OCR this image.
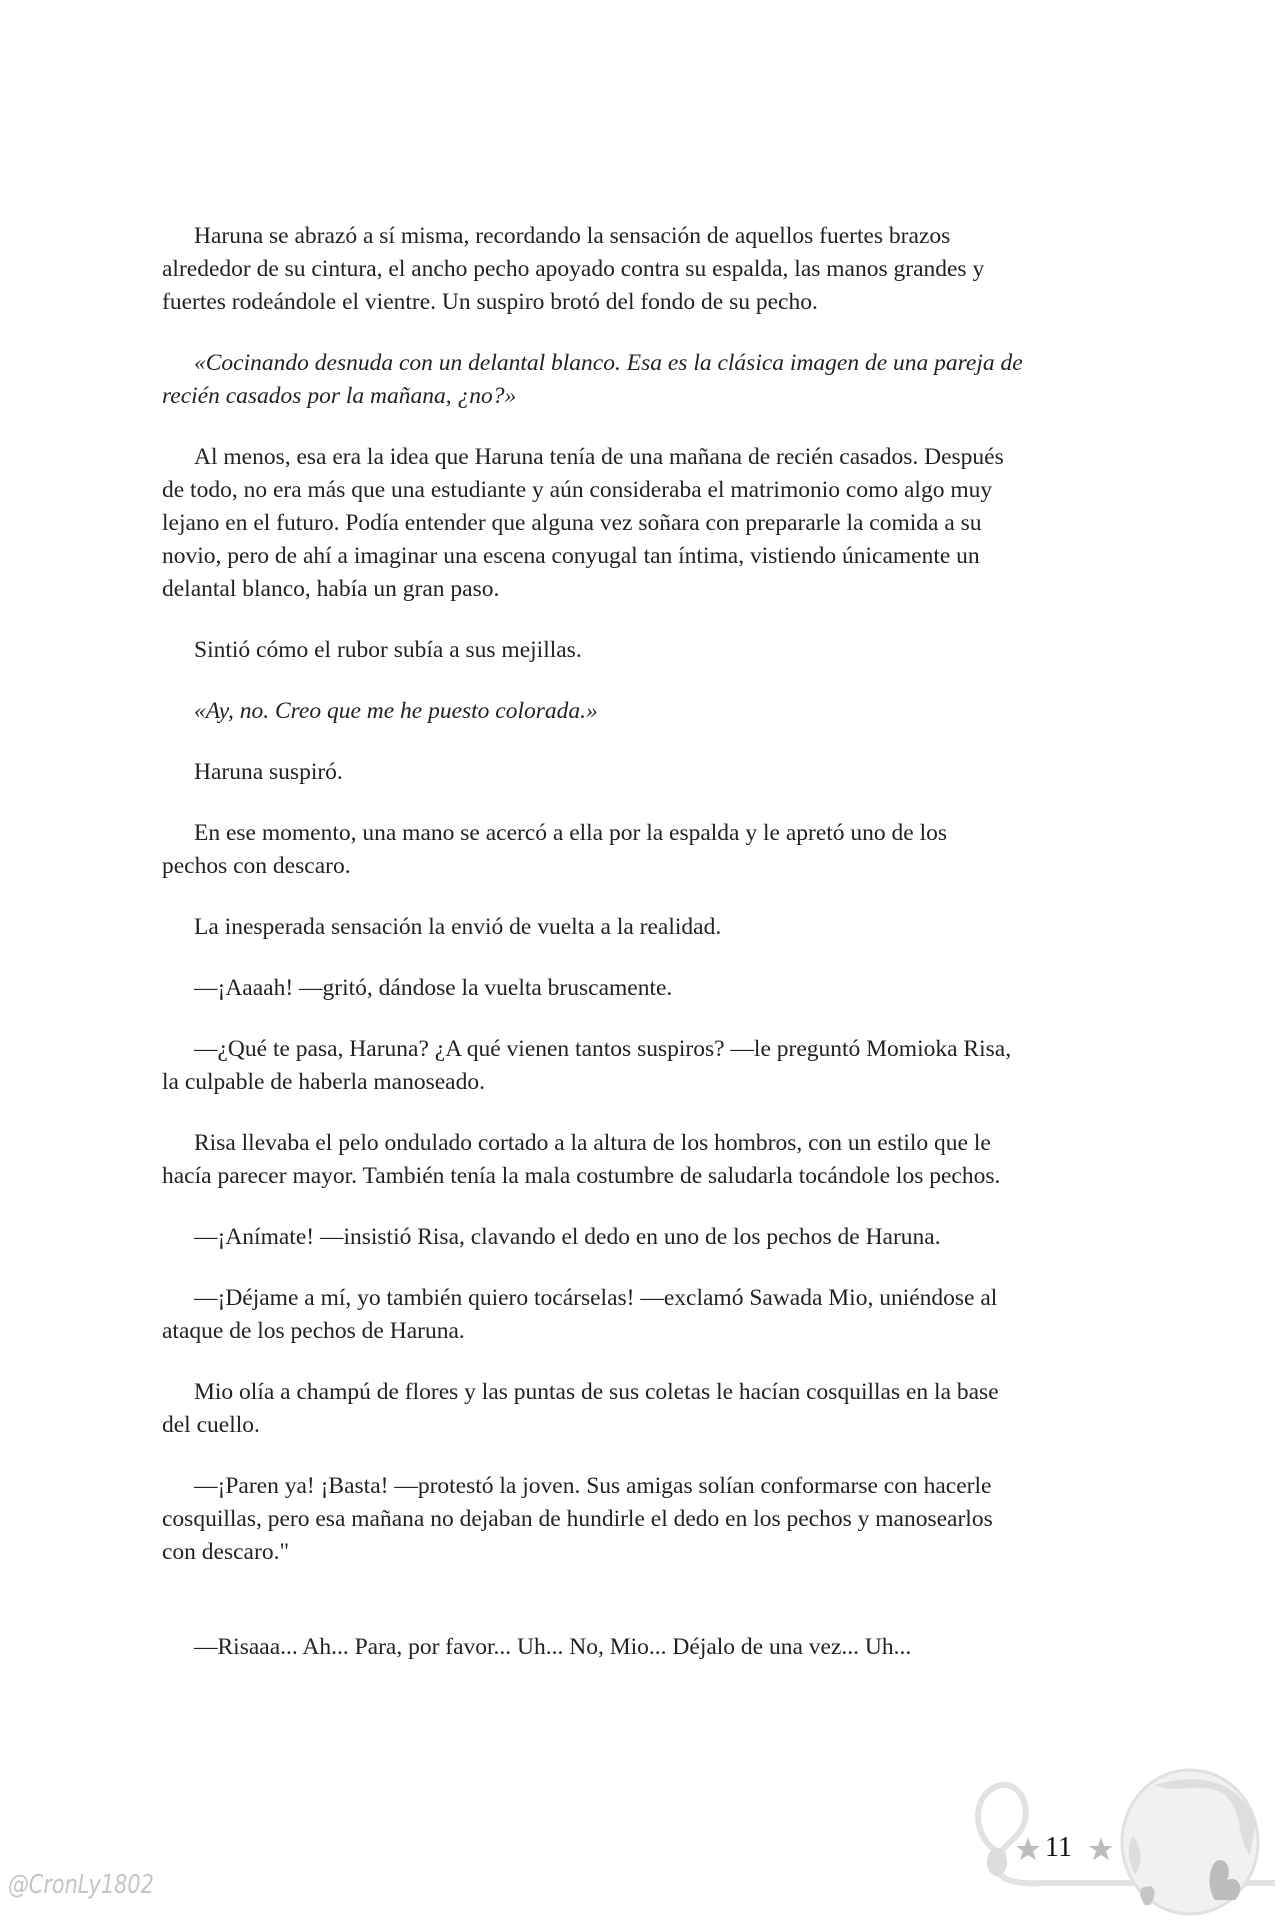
Haruna se abrazó a sí misma, recordando la sensación de aquellos fuertes brazos
alrededor de su cintura, el ancho pecho apoyado contra su espalda, las manos grandes y
fuertes rodeándole el vientre. Un suspiro brotó del fondo de su pecho.

«Cocinando desnuda con un delantal blanco. Esa es la clásica imagen de una pareja de
recién casados por la mañana, ¿no?»

Al menos, esa era la idea que Haruna tenía de una mañana de recién casados. Después
de todo, no era más que una estudiante y aún consideraba el matrimonio como algo muy
lejano en el futuro. Podía entender que alguna vez soñara con prepararle la comida a su
novio, pero de ahí a imaginar una escena conyugal tan íntima, vistiendo únicamente un
delantal blanco, había un gran paso.

Sintió cómo el rubor subía a sus mejillas.

«Ay, no. Creo que me he puesto colorada.»

Haruna suspiró.

En ese momento, una mano se acercó a ella por la espalda y le apretó uno de los
pechos con descaro.

La inesperada sensación la envió de vuelta a la realidad.

—¡Aaaah! —gritó, dándose la vuelta bruscamente.

—¿Qué te pasa, Haruna? ¿A qué vienen tantos suspiros? —le preguntó Momioka Risa,
la culpable de haberla manoseado.

Risa llevaba el pelo ondulado cortado a la altura de los hombros, con un estilo que le
hacía parecer mayor. También tenía la mala costumbre de saludarla tocándole los pechos.

—¡Anímate! —insistió Risa, clavando el dedo en uno de los pechos de Haruna.

—¡Déjame a mí, yo también quiero tocárselas! —exclamó Sawada Mio, uniéndose al
ataque de los pechos de Haruna.

Mio olía a champú de flores y las puntas de sus coletas le hacían cosquillas en la base
del cuello.

—¡Paren ya! ¡Basta! —protestó la joven. Sus amigas solían conformarse con hacerle
cosquillas, pero esa mañana no dejaban de hundirle el dedo en los pechos y manosearlos
con descaro."

—Risaaa... Ah... Para, por favor... Uh... No, Mio... Déjalo de una vez... Uh...

11
@CronLy1802
